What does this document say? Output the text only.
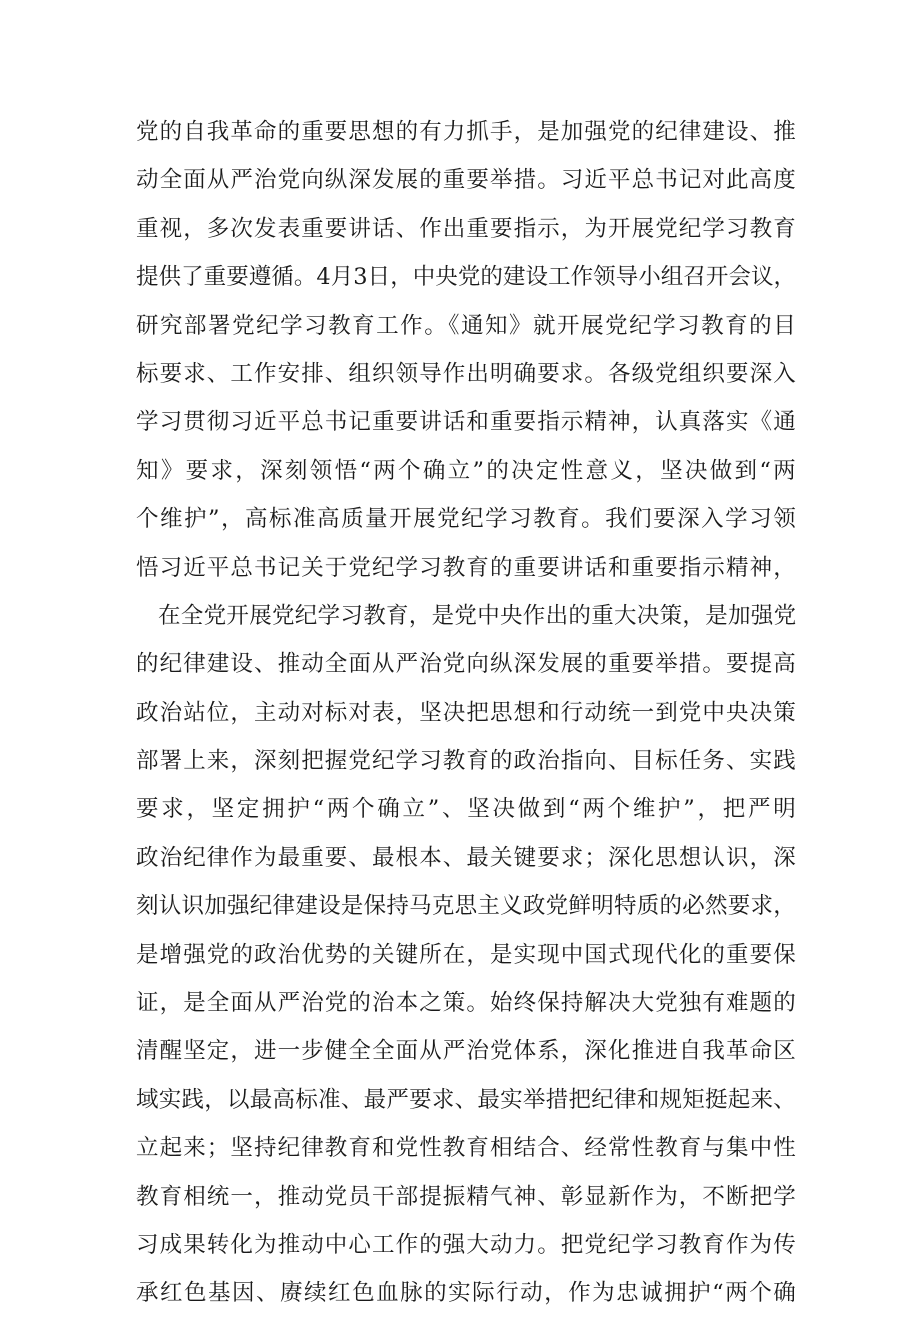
党的自我革命的重要思想的有力抓手，是加强党的纪律建设、推
动全面从严治党向纵深发展的重要举措。习近平总书记对此高度
重视，多次发表重要讲话、作出重要指示，为开展党纪学习教育
提供了重要遵循。4月3日，中央党的建设工作领导小组召开会议，
研究部署党纪学习教育工作。《通知》就开展党纪学习教育的目
标要求、工作安排、组织领导作出明确要求。各级党组织要深入
学习贯彻习近平总书记重要讲话和重要指示精神，认真落实《通
知》要求，深刻领悟“两个确立”的决定性意义，坚决做到“两
个维护”，高标准高质量开展党纪学习教育。我们要深入学习领
悟习近平总书记关于党纪学习教育的重要讲话和重要指示精神，
在全党开展党纪学习教育，是党中央作出的重大决策，是加强党
的纪律建设、推动全面从严治党向纵深发展的重要举措。要提高
政治站位，主动对标对表，坚决把思想和行动统一到党中央决策
部署上来，深刻把握党纪学习教育的政治指向、目标任务、实践
要求，坚定拥护“两个确立”、坚决做到“两个维护”，把严明
政治纪律作为最重要、最根本、最关键要求；深化思想认识，深
刻认识加强纪律建设是保持马克思主义政党鲜明特质的必然要求，
是增强党的政治优势的关键所在，是实现中国式现代化的重要保
证，是全面从严治党的治本之策。始终保持解决大党独有难题的
清醒坚定，进一步健全全面从严治党体系，深化推进自我革命区
域实践，以最高标准、最严要求、最实举措把纪律和规矩挺起来、
立起来；坚持纪律教育和党性教育相结合、经常性教育与集中性
教育相统一，推动党员干部提振精气神、彰显新作为，不断把学
习成果转化为推动中心工作的强大动力。把党纪学习教育作为传
承红色基因、赓续红色血脉的实际行动，作为忠诚拥护“两个确
